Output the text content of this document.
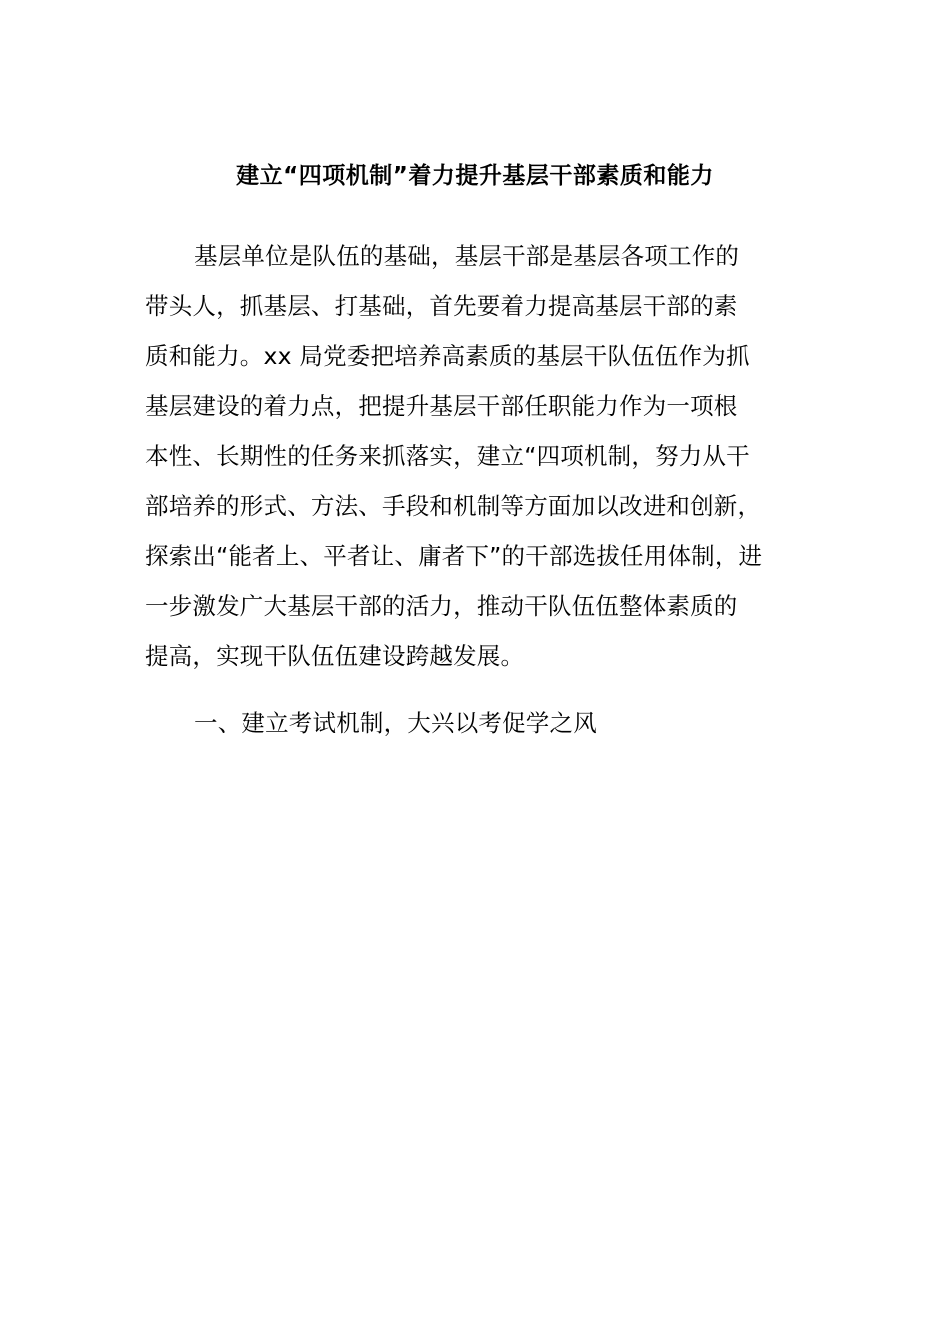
建立“四项机制”着力提升基层干部素质和能力
基层单位是队伍的基础，基层干部是基层各项工作的
带头人，抓基层、打基础，首先要着力提高基层干部的素
质和能力。xx 局党委把培养高素质的基层干队伍伍作为抓
基层建设的着力点，把提升基层干部任职能力作为一项根
本性、长期性的任务来抓落实，建立“四项机制，努力从干
部培养的形式、方法、手段和机制等方面加以改进和创新，
探索出“能者上、平者让、庸者下”的干部选拔任用体制，进
一步激发广大基层干部的活力，推动干队伍伍整体素质的
提高，实现干队伍伍建设跨越发展。
一、建立考试机制，大兴以考促学之风
